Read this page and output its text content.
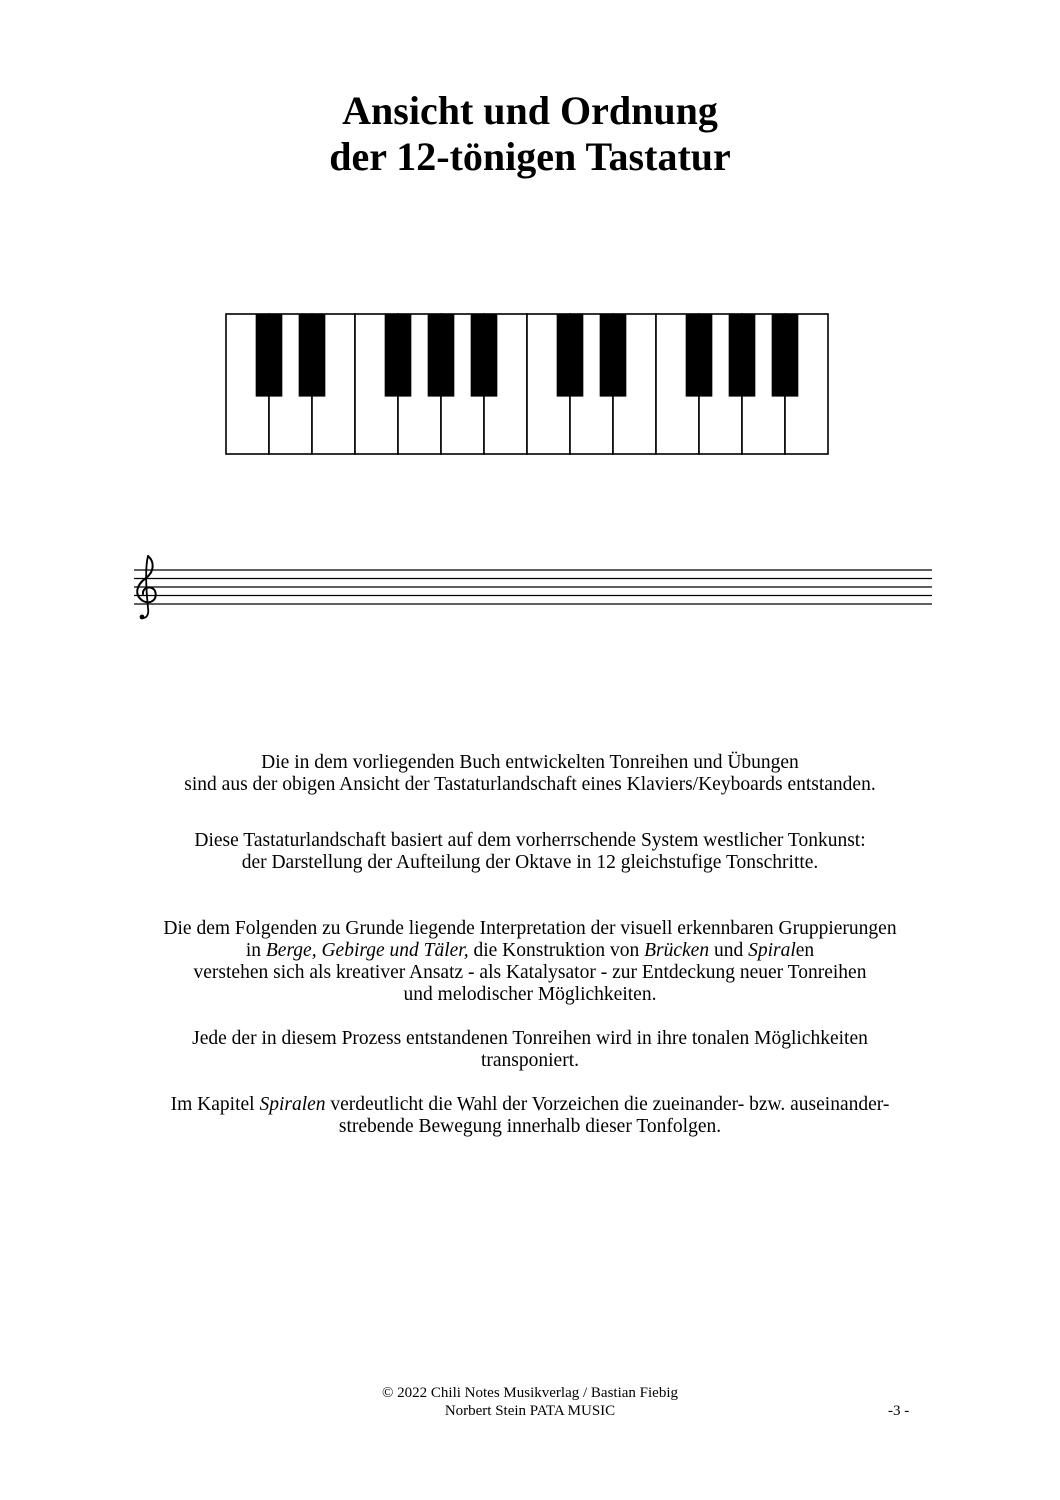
Ansicht und Ordnung
der 12-tönigen Tastatur

Die in dem vorliegenden Buch entwickelten Tonreihen und Übungen
sind aus der obigen Ansicht der Tastaturlandschaft eines Klaviers/Keyboards entstanden.

Diese Tastaturlandschaft basiert auf dem vorherrschende System westlicher Tonkunst:
der Darstellung der Aufteilung der Oktave in 12 gleichstufige Tonschritte.

Die dem Folgenden zu Grunde liegende Interpretation der visuell erkennbaren Gruppierungen
in Berge, Gebirge und Täler, die Konstruktion von Brücken und Spiralen
verstehen sich als kreativer Ansatz - als Katalysator - zur Entdeckung neuer Tonreihen
und melodischer Möglichkeiten.

Jede der in diesem Prozess entstandenen Tonreihen wird in ihre tonalen Möglichkeiten
transponiert.

Im Kapitel Spiralen verdeutlicht die Wahl der Vorzeichen die zueinander- bzw. auseinander-
strebende Bewegung innerhalb dieser Tonfolgen.

© 2022 Chili Notes Musikverlag / Bastian Fiebig
Norbert Stein PATA MUSIC	-3 -
